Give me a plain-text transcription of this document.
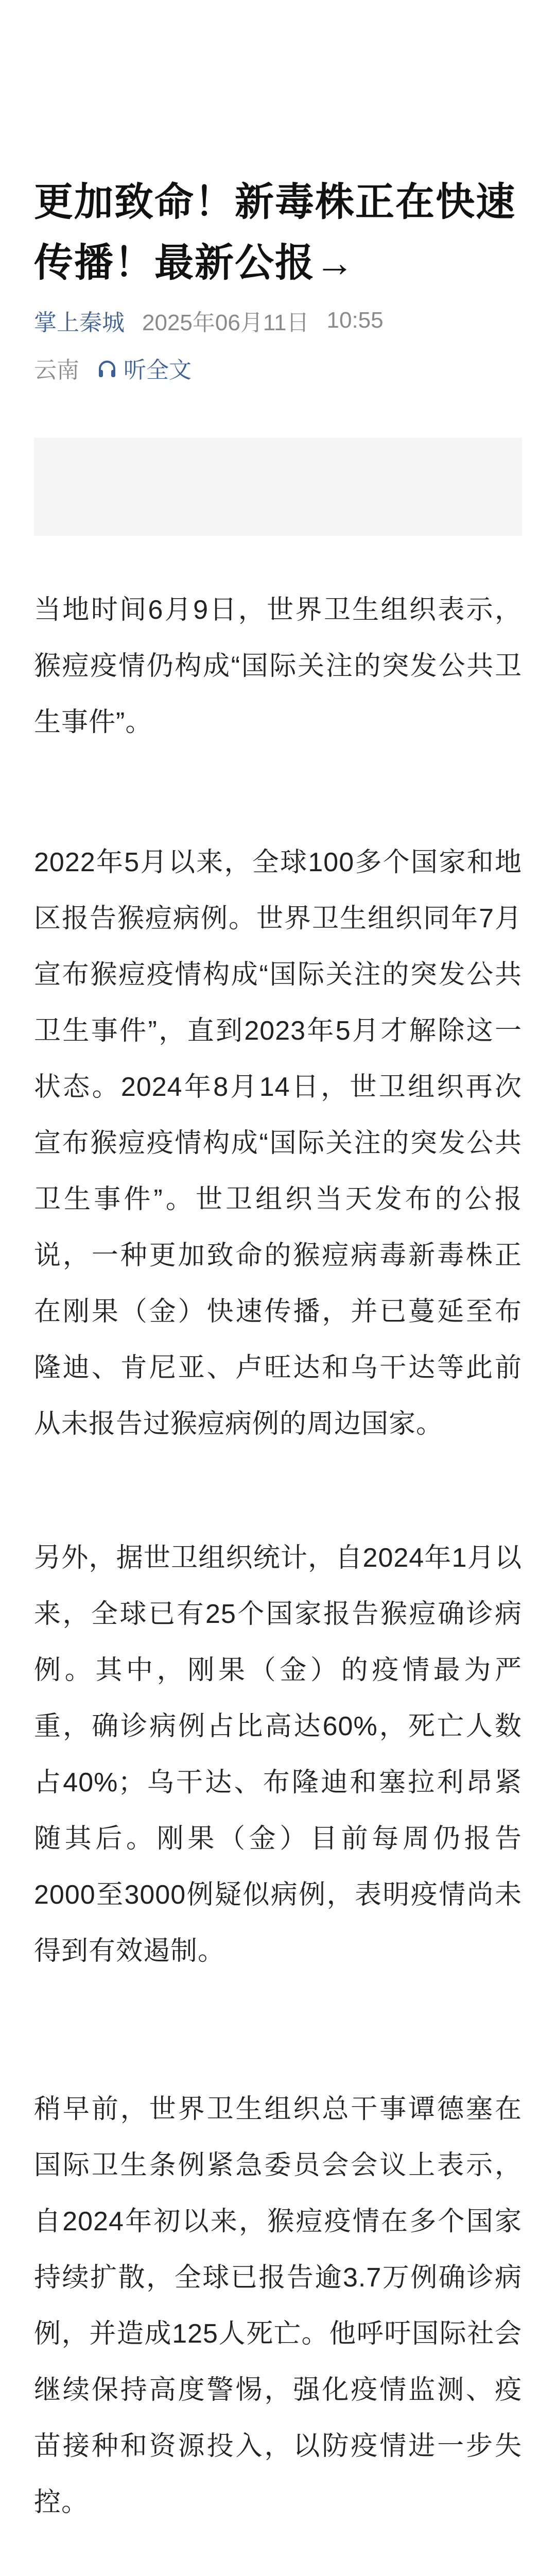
更加致命！新毒株正在快速传播！最新公报→
掌上秦城 2025年06月11日 10:55
云南 听全文
当地时间6月9日，世界卫生组织表示，猴痘疫情仍构成“国际关注的突发公共卫生事件”。
2022年5月以来，全球100多个国家和地区报告猴痘病例。世界卫生组织同年7月宣布猴痘疫情构成“国际关注的突发公共卫生事件”，直到2023年5月才解除这一状态。2024年8月14日，世卫组织再次宣布猴痘疫情构成“国际关注的突发公共卫生事件”。世卫组织当天发布的公报说，一种更加致命的猴痘病毒新毒株正在刚果（金）快速传播，并已蔓延至布隆迪、肯尼亚、卢旺达和乌干达等此前从未报告过猴痘病例的周边国家。
另外，据世卫组织统计，自2024年1月以来，全球已有25个国家报告猴痘确诊病例。其中，刚果（金）的疫情最为严重，确诊病例占比高达60%，死亡人数占40%；乌干达、布隆迪和塞拉利昂紧随其后。刚果（金）目前每周仍报告2000至3000例疑似病例，表明疫情尚未得到有效遏制。
稍早前，世界卫生组织总干事谭德塞在国际卫生条例紧急委员会会议上表示，自2024年初以来，猴痘疫情在多个国家持续扩散，全球已报告逾3.7万例确诊病例，并造成125人死亡。他呼吁国际社会继续保持高度警惕，强化疫情监测、疫苗接种和资源投入，以防疫情进一步失控。
